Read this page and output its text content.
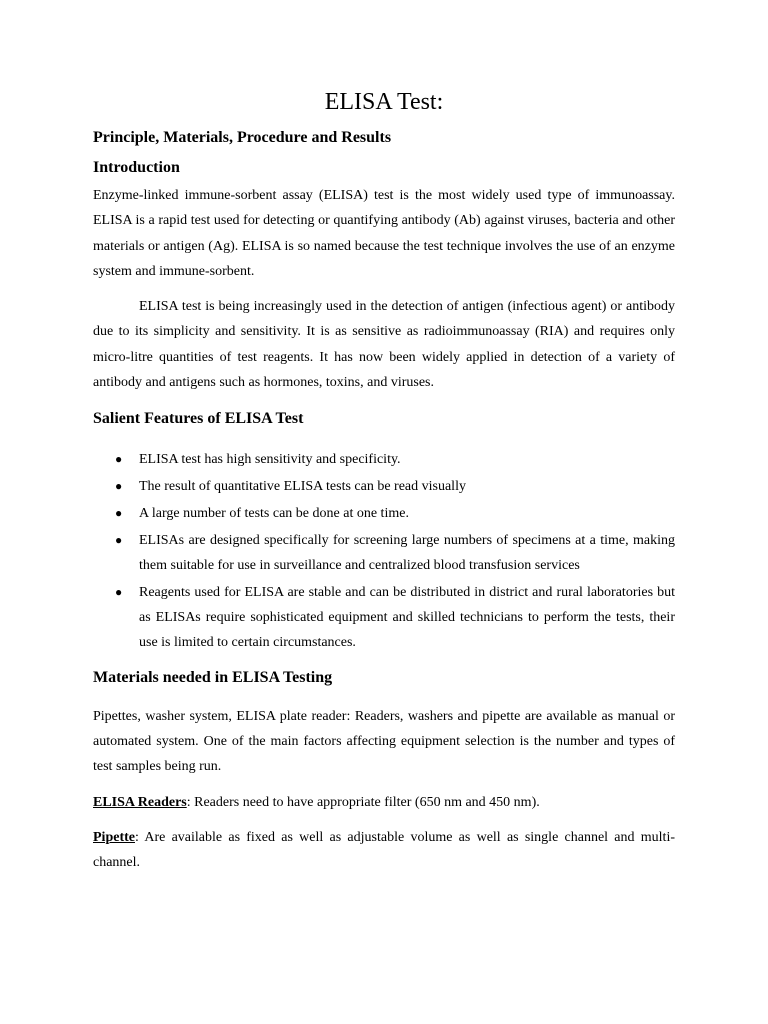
ELISA Test:
Principle, Materials, Procedure and Results
Introduction

Enzyme-linked immune-sorbent assay (ELISA) test is the most widely used type of immunoassay. ELISA is a rapid test used for detecting or quantifying antibody (Ab) against viruses, bacteria and other materials or antigen (Ag). ELISA is so named because the test technique involves the use of an enzyme system and immune-sorbent.

ELISA test is being increasingly used in the detection of antigen (infectious agent) or antibody due to its simplicity and sensitivity. It is as sensitive as radioimmunoassay (RIA) and requires only micro-litre quantities of test reagents. It has now been widely applied in detection of a variety of antibody and antigens such as hormones, toxins, and viruses.

Salient Features of ELISA Test
● ELISA test has high sensitivity and specificity.
● The result of quantitative ELISA tests can be read visually
● A large number of tests can be done at one time.
● ELISAs are designed specifically for screening large numbers of specimens at a time, making them suitable for use in surveillance and centralized blood transfusion services
● Reagents used for ELISA are stable and can be distributed in district and rural laboratories but as ELISAs require sophisticated equipment and skilled technicians to perform the tests, their use is limited to certain circumstances.
Materials needed in ELISA Testing

Pipettes, washer system, ELISA plate reader: Readers, washers and pipette are available as manual or automated system. One of the main factors affecting equipment selection is the number and types of test samples being run.

ELISA Readers: Readers need to have appropriate filter (650 nm and 450 nm).

Pipette: Are available as fixed as well as adjustable volume as well as single channel and multi-channel.
